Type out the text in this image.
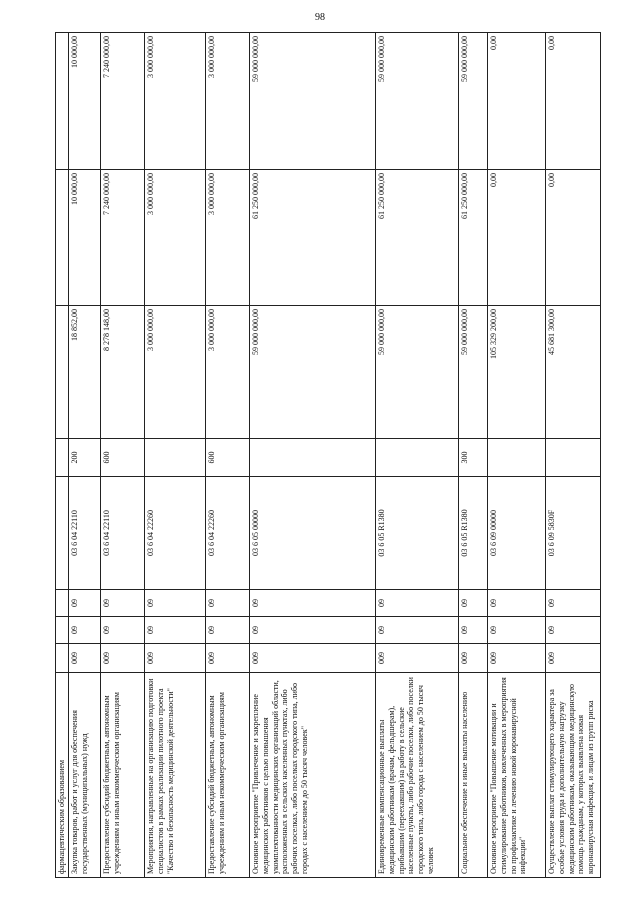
98
фармацевтическим образованием								
Закупка товаров, работ и услуг для обеспечения государственных (муниципальных) нужд	009	09	09	03 6 04 22110	200	18 852,00	10 000,00	10 000,00
Предоставление субсидий бюджетным, автономным учреждениям и иным некоммерческим организациям	009	09	09	03 6 04 22110	600	8 278 148,00	7 240 000,00	7 240 000,00
Мероприятия, направленные на организацию подготовки специалистов в рамках реализации пилотного проекта "Качество и безопасность медицинской деятельности"	009	09	09	03 6 04 22260		3 000 000,00	3 000 000,00	3 000 000,00
Предоставление субсидий бюджетным, автономным учреждениям и иным некоммерческим организациям	009	09	09	03 6 04 22260	600	3 000 000,00	3 000 000,00	3 000 000,00
Основное мероприятие "Привлечение и закрепление медицинских работников с целью повышения укомплектованности медицинских организаций области, расположенных в сельских населенных пунктах, либо рабочих поселках, либо поселках городского типа, либо городах с населением до 50 тысяч человек"	009	09	09	03 6 05 00000		59 000 000,00	61 250 000,00	59 000 000,00
Единовременные компенсационные выплаты медицинским работникам (врачам, фельдшерам), прибывшим (переехавшим) на работу в сельские населенные пункты, либо рабочие поселки, либо поселки городского типа, либо города с населением до 50 тысяч человек	009	09	09	03 6 05 R1380		59 000 000,00	61 250 000,00	59 000 000,00
Социальное обеспечение и иные выплаты населению	009	09	09	03 6 05 R1380	300	59 000 000,00	61 250 000,00	59 000 000,00
Основное мероприятие "Повышение мотивации и стимулирование работников, вовлеченных в мероприятия по профилактике и лечению новой коронавирусной инфекции"	009	09	09	03 6 09 00000		105 329 200,00	0,00	0,00
Осуществление выплат стимулирующего характера за особые условия труда и дополнительную нагрузку медицинским работникам, оказывающим медицинскую помощь гражданам, у которых выявлена новая коронавирусная инфекция, и лицам из групп риска	009	09	09	03 6 09 5830F		45 681 300,00	0,00	0,00
